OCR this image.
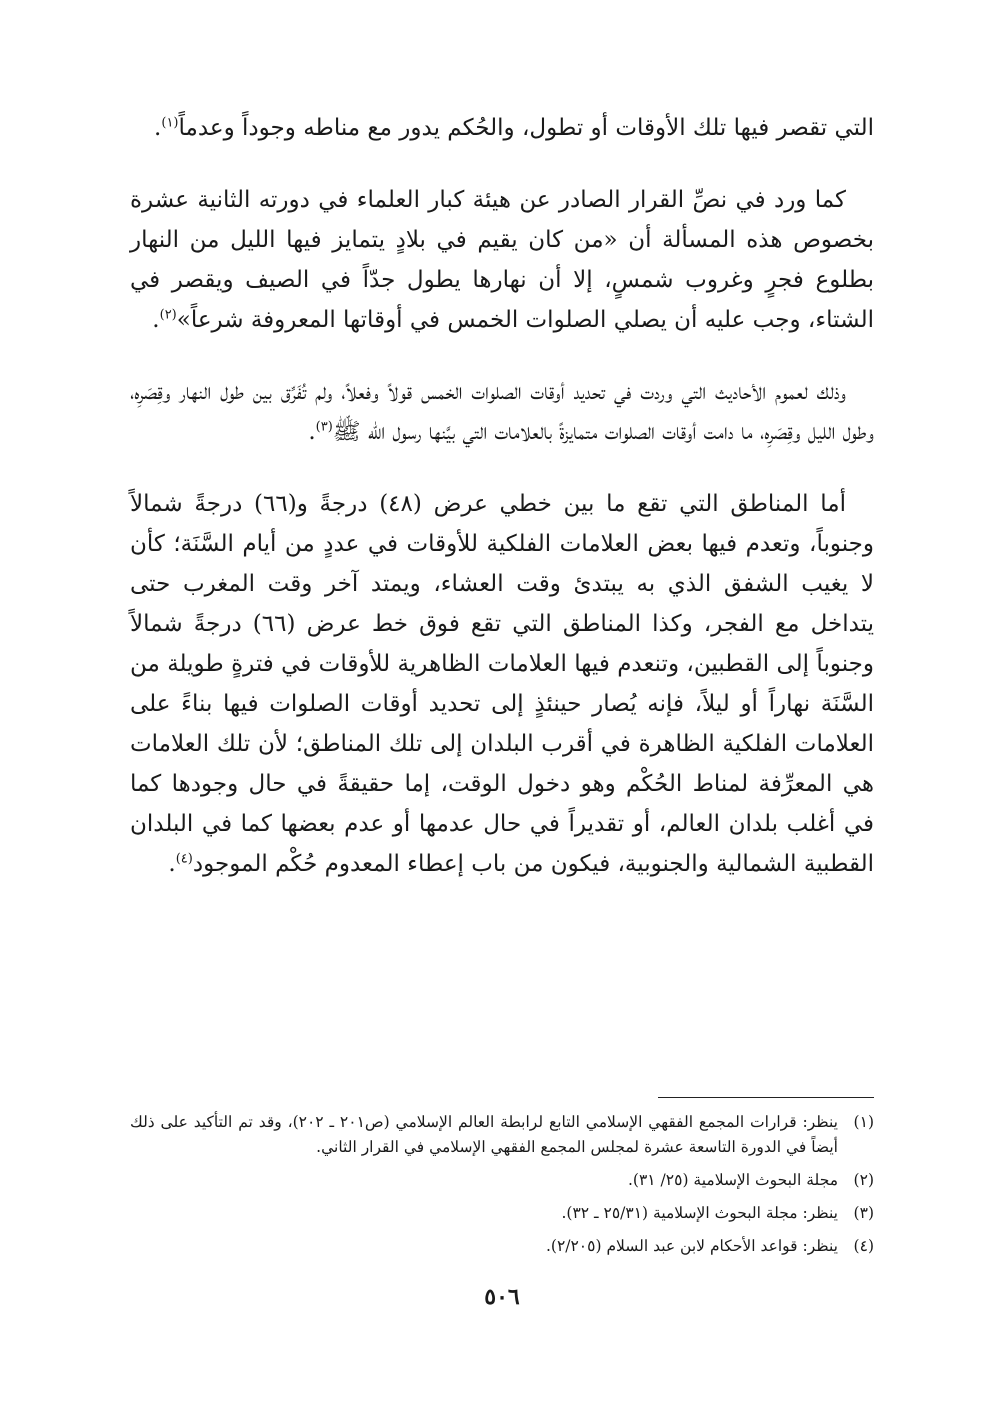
التي تقصر فيها تلك الأوقات أو تطول، والحُكم يدور مع مناطه وجوداً وعدماً$^{(١)}$.

كما ورد في نصِّ القرار الصادر عن هيئة كبار العلماء في دورته الثانية عشرة بخصوص هذه المسألة أن «من كان يقيم في بلادٍ يتمايز فيها الليل من النهار بطلوع فجرٍ وغروب شمسٍ، إلا أن نهارها يطول جدّاً في الصيف ويقصر في الشتاء، وجب عليه أن يصلي الصلوات الخمس في أوقاتها المعروفة شرعاً»$^{(٢)}$.

وذلك لعموم الأحاديث التي وردت في تحديد أوقات الصلوات الخمس قولاً وفعلاً، ولم تُفَرِّق بين طول النهار وقِصَرِه، وطول الليل وقِصَرِه، ما دامت أوقات الصلوات متمايزةً بالعلامات التي بيَّنها رسول الله ﷺ$^{(٣)}$.

أما المناطق التي تقع ما بين خطي عرض (٤٨) درجةً و(٦٦) درجةً شمالاً وجنوباً، وتعدم فيها بعض العلامات الفلكية للأوقات في عددٍ من أيام السَّنَة؛ كأن لا يغيب الشفق الذي به يبتدئ وقت العشاء، ويمتد آخر وقت المغرب حتى يتداخل مع الفجر، وكذا المناطق التي تقع فوق خط عرض (٦٦) درجةً شمالاً وجنوباً إلى القطبين، وتنعدم فيها العلامات الظاهرية للأوقات في فترةٍ طويلة من السَّنَة نهاراً أو ليلاً، فإنه يُصار حينئذٍ إلى تحديد أوقات الصلوات فيها بناءً على العلامات الفلكية الظاهرة في أقرب البلدان إلى تلك المناطق؛ لأن تلك العلامات هي المعرِّفة لمناط الحُكْم وهو دخول الوقت، إما حقيقةً في حال وجودها كما في أغلب بلدان العالم، أو تقديراً في حال عدمها أو عدم بعضها كما في البلدان القطبية الشمالية والجنوبية، فيكون من باب إعطاء المعدوم حُكْم الموجود$^{(٤)}$.

(١)
ينظر: قرارات المجمع الفقهي الإسلامي التابع لرابطة العالم الإسلامي (ص٢٠١ ـ ٢٠٢)، وقد تم التأكيد على ذلك أيضاً في الدورة التاسعة عشرة لمجلس المجمع الفقهي الإسلامي في القرار الثاني.
(٢)
مجلة البحوث الإسلامية (٢٥/ ٣١).
(٣)
ينظر: مجلة البحوث الإسلامية (٢٥/٣١ ـ ٣٢).
(٤)
ينظر: قواعد الأحكام لابن عبد السلام (٢/٢٠٥).
٥٠٦
